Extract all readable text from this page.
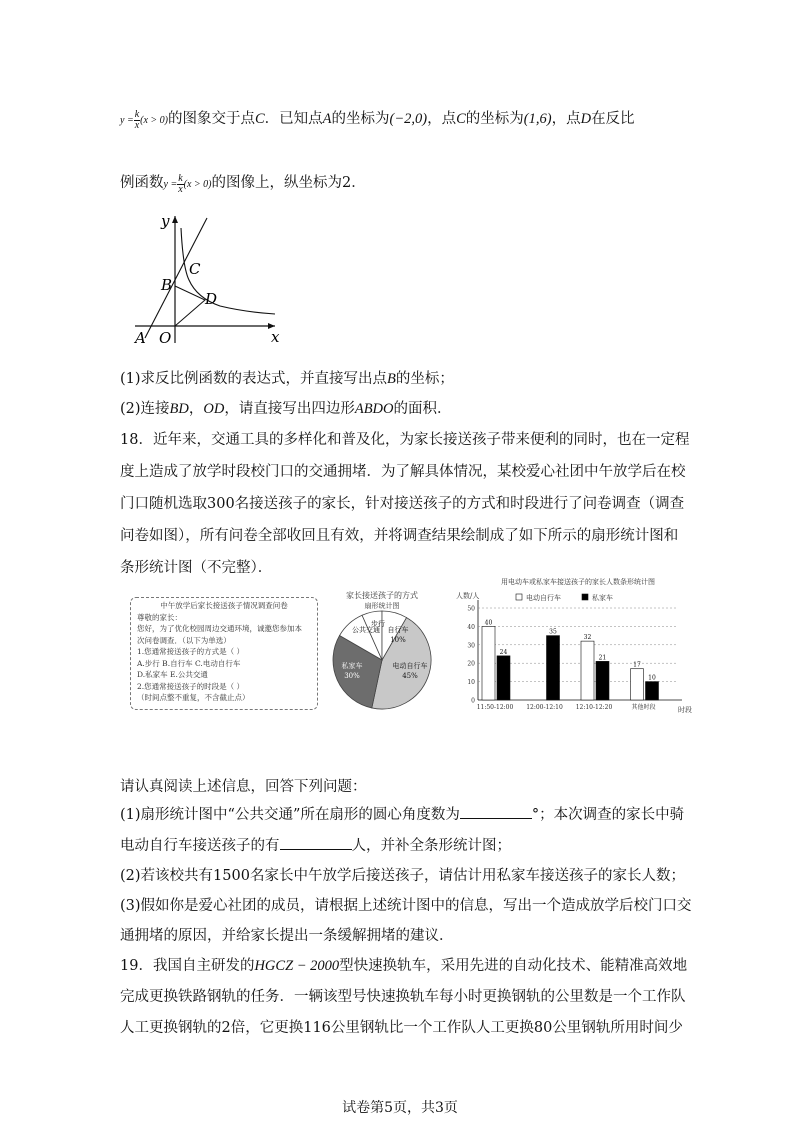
$y = \frac{k}{x} (x > 0)$的图象交于点C．已知点A的坐标为(−2,0)，点C的坐标为(1,6)，点D在反比
例函数$y = \frac{k}{x} (x > 0)$的图像上，纵坐标为2．
y
x
A O
B
C
D
(1)求反比例函数的表达式，并直接写出点B的坐标；
(2)连接BD，OD，请直接写出四边形ABDO的面积．
18．近年来，交通工具的多样化和普及化，为家长接送孩子带来便利的同时，也在一定程
度上造成了放学时段校门口的交通拥堵．为了解具体情况，某校爱心社团中午放学后在校
门口随机选取300名接送孩子的家长，针对接送孩子的方式和时段进行了问卷调查（调查
问卷如图），所有问卷全部收回且有效，并将调查结果绘制成了如下所示的扇形统计图和
条形统计图（不完整）．
中午放学后家长接送孩子情况调查问卷
尊敬的家长：
您好，为了优化校园周边交通环境，诚邀您参加本
次问卷调查．（以下为单选）
1.您通常接送孩子的方式是（ ）
A.步行 B.自行车 C.电动自行车
D.私家车 E.公共交通
2.您通常接送孩子的时段是（ ）
（时间点整不重复，不含截止点）
家长接送孩子的方式
扇形统计图
电动自行车
45%
私家车
30%
公共交通
步行
自行车
10%
用电动车或私家车接送孩子的家长人数条形统计图
人数/人
时段
电动自行车	私家车
0
10
20
30
40
50
40
24
11:50-12:00
35
12:00-12:10
32
21
12:10-12:20
17
10
其他时段
请认真阅读上述信息，回答下列问题：
(1)扇形统计图中“公共交通”所在扇形的圆心角度数为	°；本次调查的家长中骑
电动自行车接送孩子的有	人，并补全条形统计图；
(2)若该校共有1500名家长中午放学后接送孩子，请估计用私家车接送孩子的家长人数；
(3)假如你是爱心社团的成员，请根据上述统计图中的信息，写出一个造成放学后校门口交
通拥堵的原因，并给家长提出一条缓解拥堵的建议．
19．我国自主研发的HGCZ − 2000型快速换轨车，采用先进的自动化技术、能精准高效地
完成更换铁路钢轨的任务．一辆该型号快速换轨车每小时更换钢轨的公里数是一个工作队
人工更换钢轨的2倍，它更换116公里钢轨比一个工作队人工更换80公里钢轨所用时间少
试卷第5页，共3页
